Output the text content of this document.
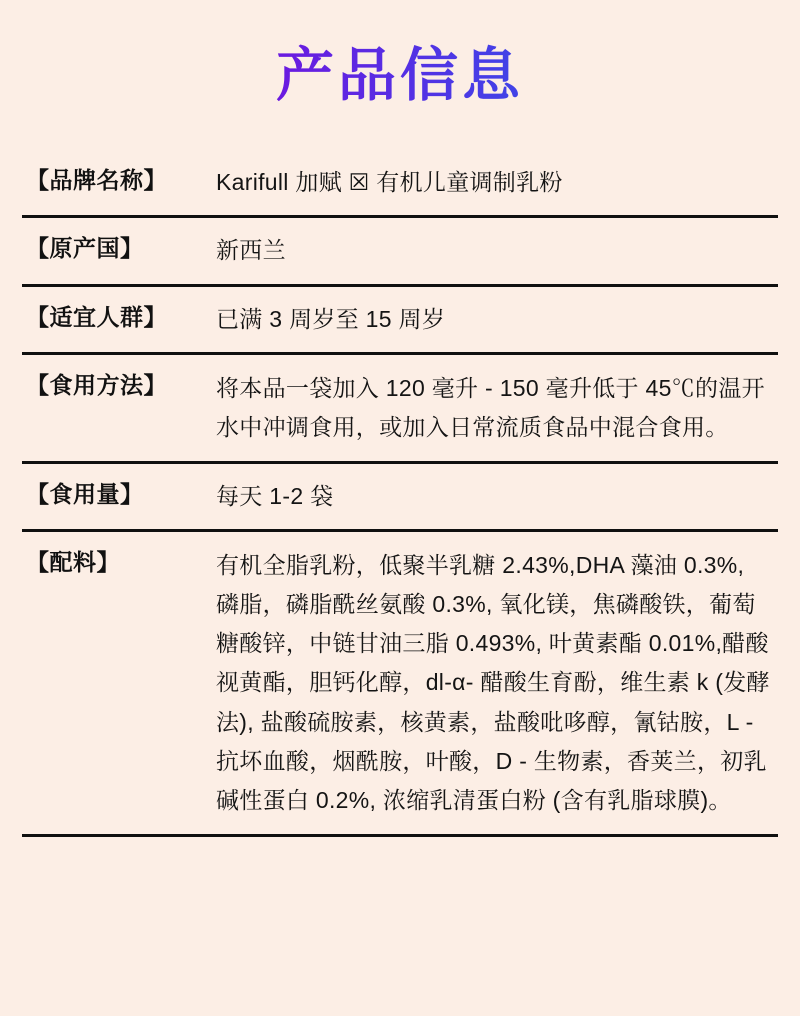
产品信息
【品牌名称】	Karifull 加赋 ☒ 有机儿童调制乳粉
【原产国】	新西兰
【适宜人群】	已满 3 周岁至 15 周岁
【食用方法】	将本品一袋加入 120 毫升 - 150 毫升低于 45℃的温开水中冲调食用，或加入日常流质食品中混合食用。
【食用量】	每天 1-2 袋
【配料】	有机全脂乳粉，低聚半乳糖 2.43%,DHA 藻油 0.3%, 磷脂，磷脂酰丝氨酸 0.3%, 氧化镁，焦磷酸铁，葡萄糖酸锌，中链甘油三脂 0.493%, 叶黄素酯 0.01%,醋酸视黄酯，胆钙化醇，dl-α- 醋酸生育酚，维生素 k (发酵法), 盐酸硫胺素，核黄素，盐酸吡哆醇，氰钴胺，L - 抗坏血酸，烟酰胺，叶酸，D - 生物素，香荚兰，初乳碱性蛋白 0.2%, 浓缩乳清蛋白粉 (含有乳脂球膜)。
